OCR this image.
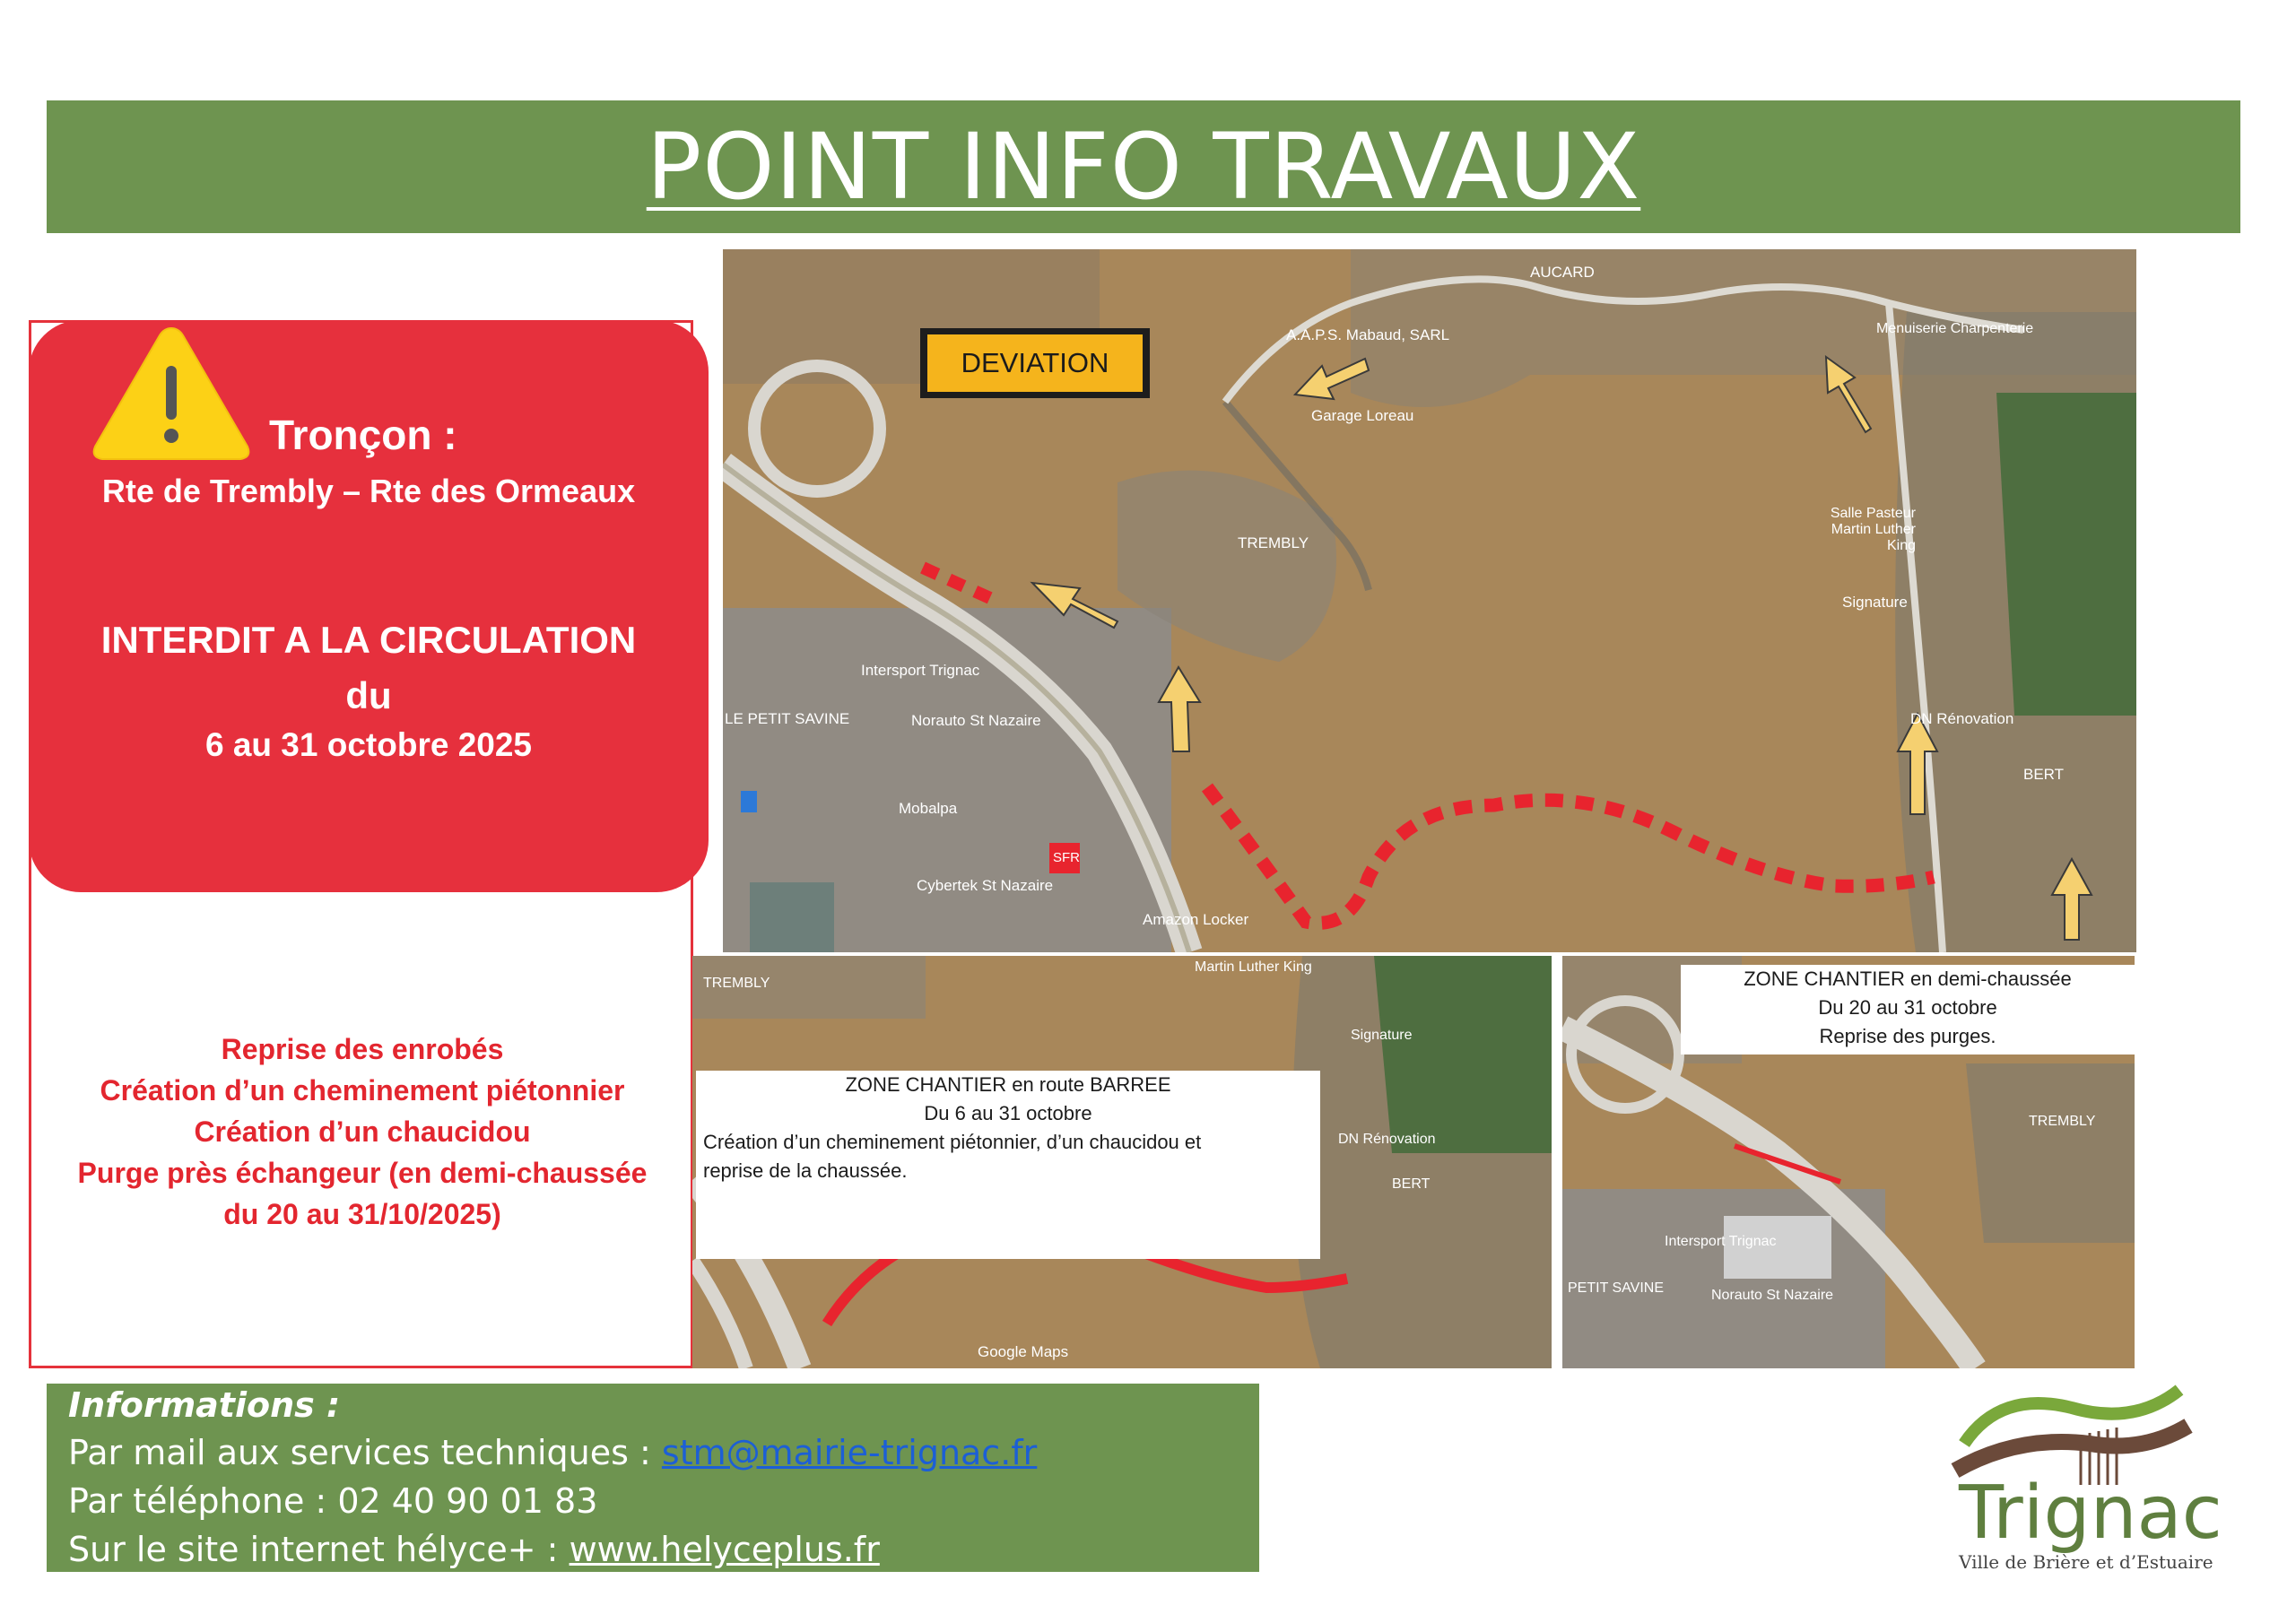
POINT INFO TRAVAUX
Tronçon :
Rte de Trembly – Rte des Ormeaux
INTERDIT A LA CIRCULATION
du
6 au 31 octobre 2025
Reprise des enrobés
Création d’un cheminement piétonnier
Création d’un chaucidou
Purge près échangeur (en demi-chaussée
du 20 au 31/10/2025)
DEVIATION
AUCARD
A.A.P.S. Mabaud, SARL
Garage Loreau
TREMBLY
Salle Pasteur Martin Luther King
Signature
DN Rénovation
BERT
Intersport Trignac
LE PETIT SAVINE	Norauto St Nazaire
Mobalpa
SFR
Cybertek St Nazaire
Amazon Locker
Menuiserie Charpenterie
ZONE CHANTIER en route BARREE
Du 6 au 31 octobre
Création d’un cheminement piétonnier, d’un chaucidou et
reprise de la chaussée.
TREMBLY
Martin Luther King
Signature
DN Rénovation
BERT
Google Maps
ZONE CHANTIER en demi-chaussée
Du 20 au 31 octobre
Reprise des purges.
TREMBLY
Intersport Trignac
PETIT SAVINE	Norauto St Nazaire
Informations :
Par mail aux services techniques : stm@mairie-trignac.fr
Par téléphone : 02 40 90 01 83
Sur le site internet hélyce+ : www.helyceplus.fr	Trignac
Ville de Brière et d’Estuaire
